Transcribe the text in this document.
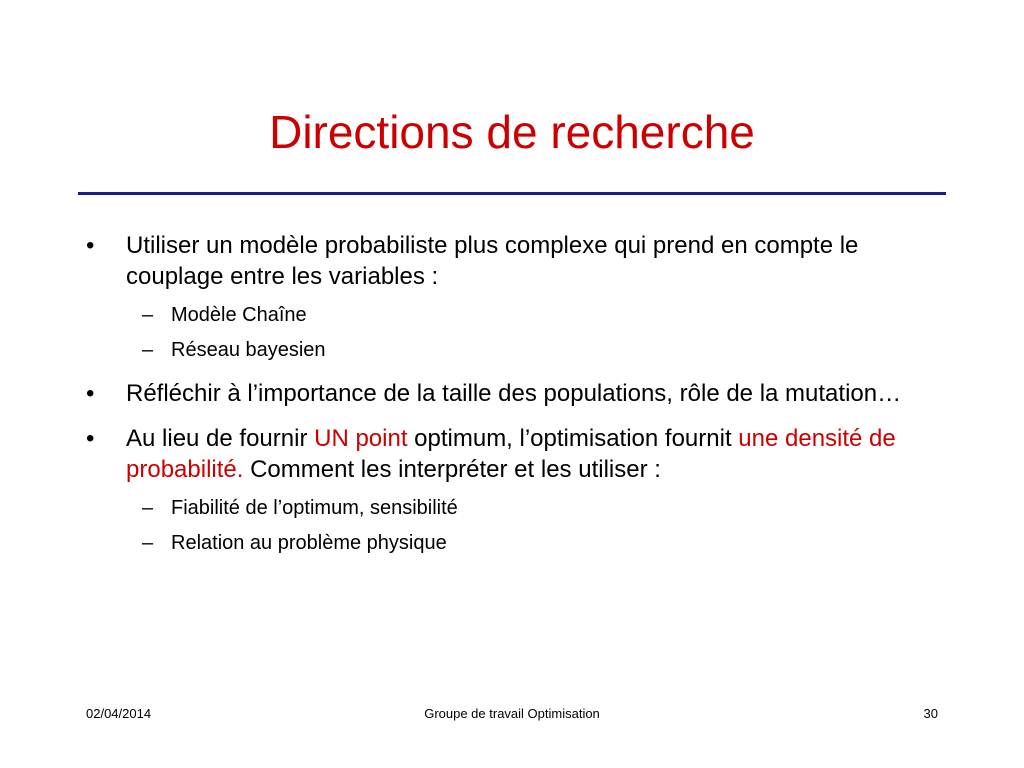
Directions de recherche
•	Utiliser un modèle probabiliste plus complexe qui prend en compte le couplage entre les variables :
– Modèle Chaîne
– Réseau bayesien
•	Réfléchir à l’importance de la taille des populations, rôle de la mutation…
•	Au lieu de fournir UN point optimum, l’optimisation fournit une densité de probabilité. Comment les interpréter et les utiliser :
– Fiabilité de l’optimum, sensibilité
– Relation au problème physique
02/04/2014	Groupe de travail Optimisation	30
